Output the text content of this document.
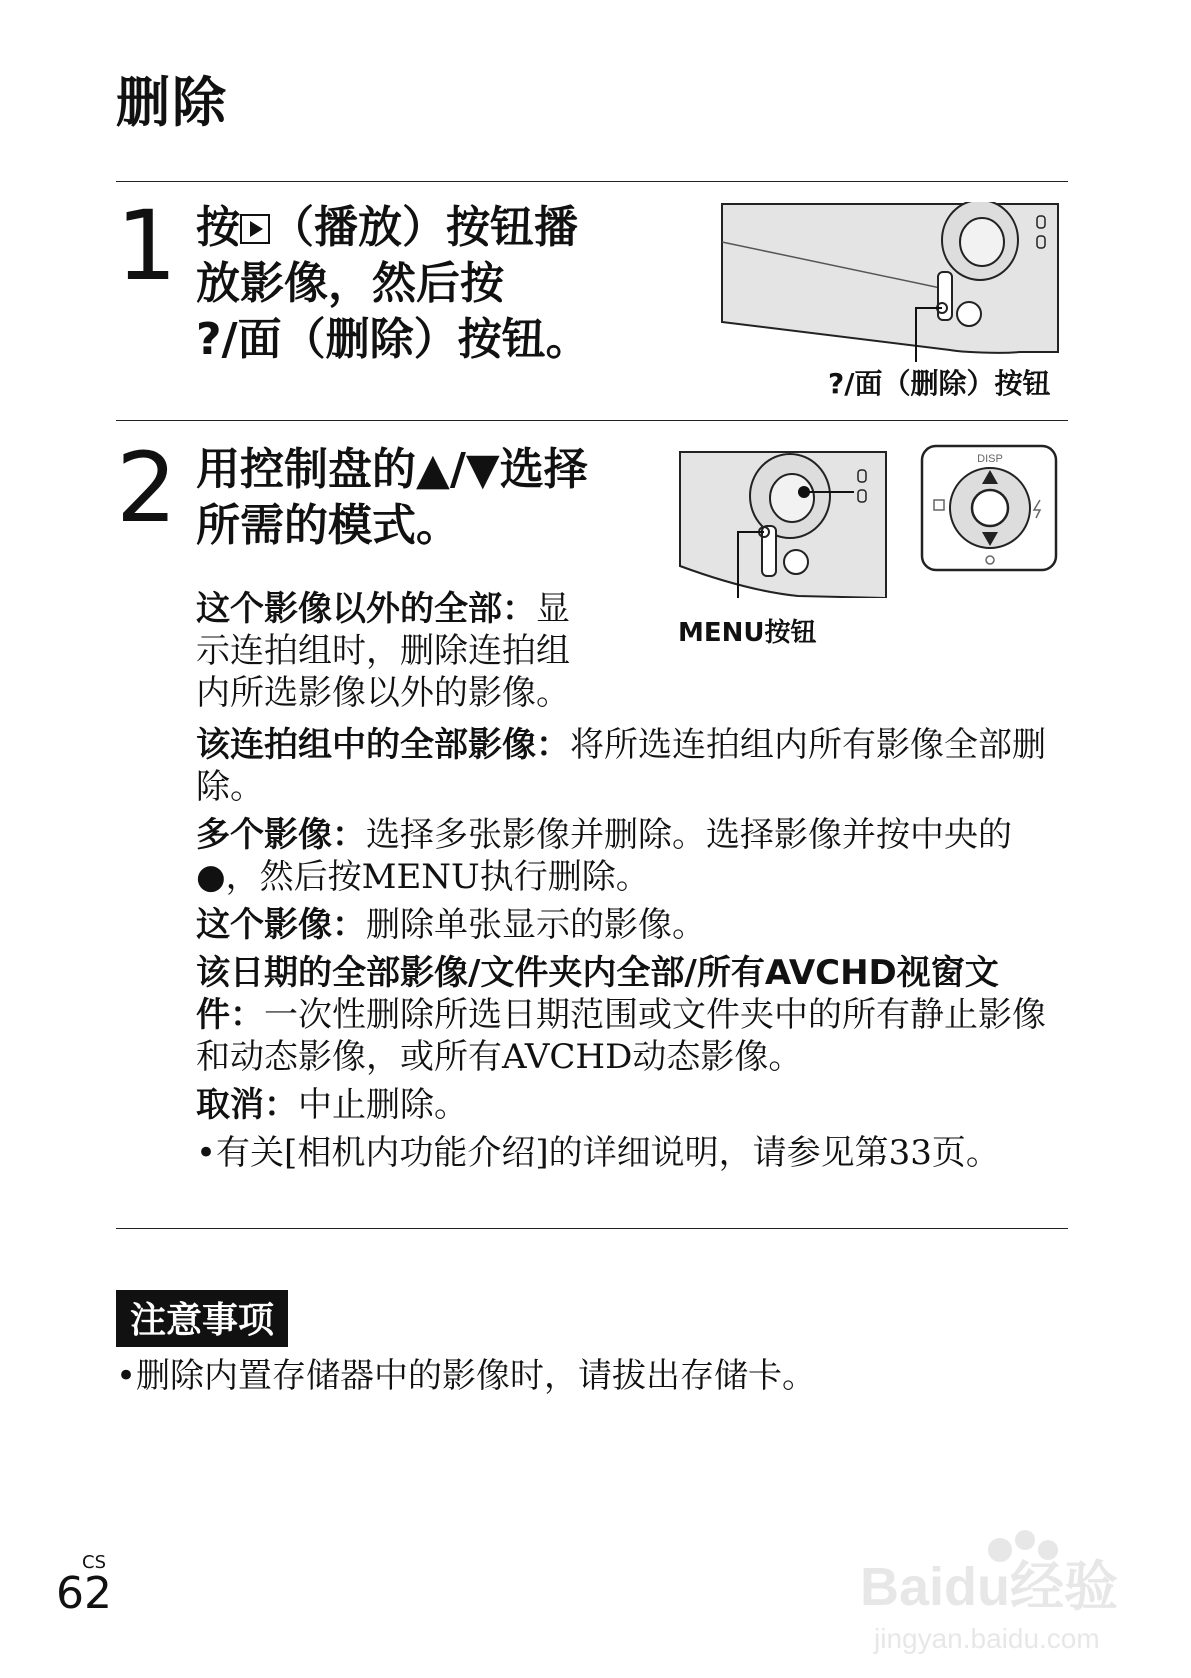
删除
1 按 （播放）按钮播
放影像，然后按
?/面（删除）按钮。
?/面（删除）按钮
2 用控制盘的▲/▼选择
所需的模式。
DISP
MENU按钮
这个影像以外的全部：显示连拍组时，删除连拍组内所选影像以外的影像。
该连拍组中的全部影像：将所选连拍组内所有影像全部删除。
多个影像：选择多张影像并删除。选择影像并按中央的●，然后按MENU执行删除。
这个影像：删除单张显示的影像。
该日期的全部影像/文件夹内全部/所有AVCHD视窗文件：一次性删除所选日期范围或文件夹中的所有静止影像和动态影像，或所有AVCHD动态影像。
取消：中止删除。
•有关[相机内功能介绍]的详细说明，请参见第33页。
注意事项
•删除内置存储器中的影像时，请拔出存储卡。
CS
62	Baidu经验
jingyan.baidu.com
